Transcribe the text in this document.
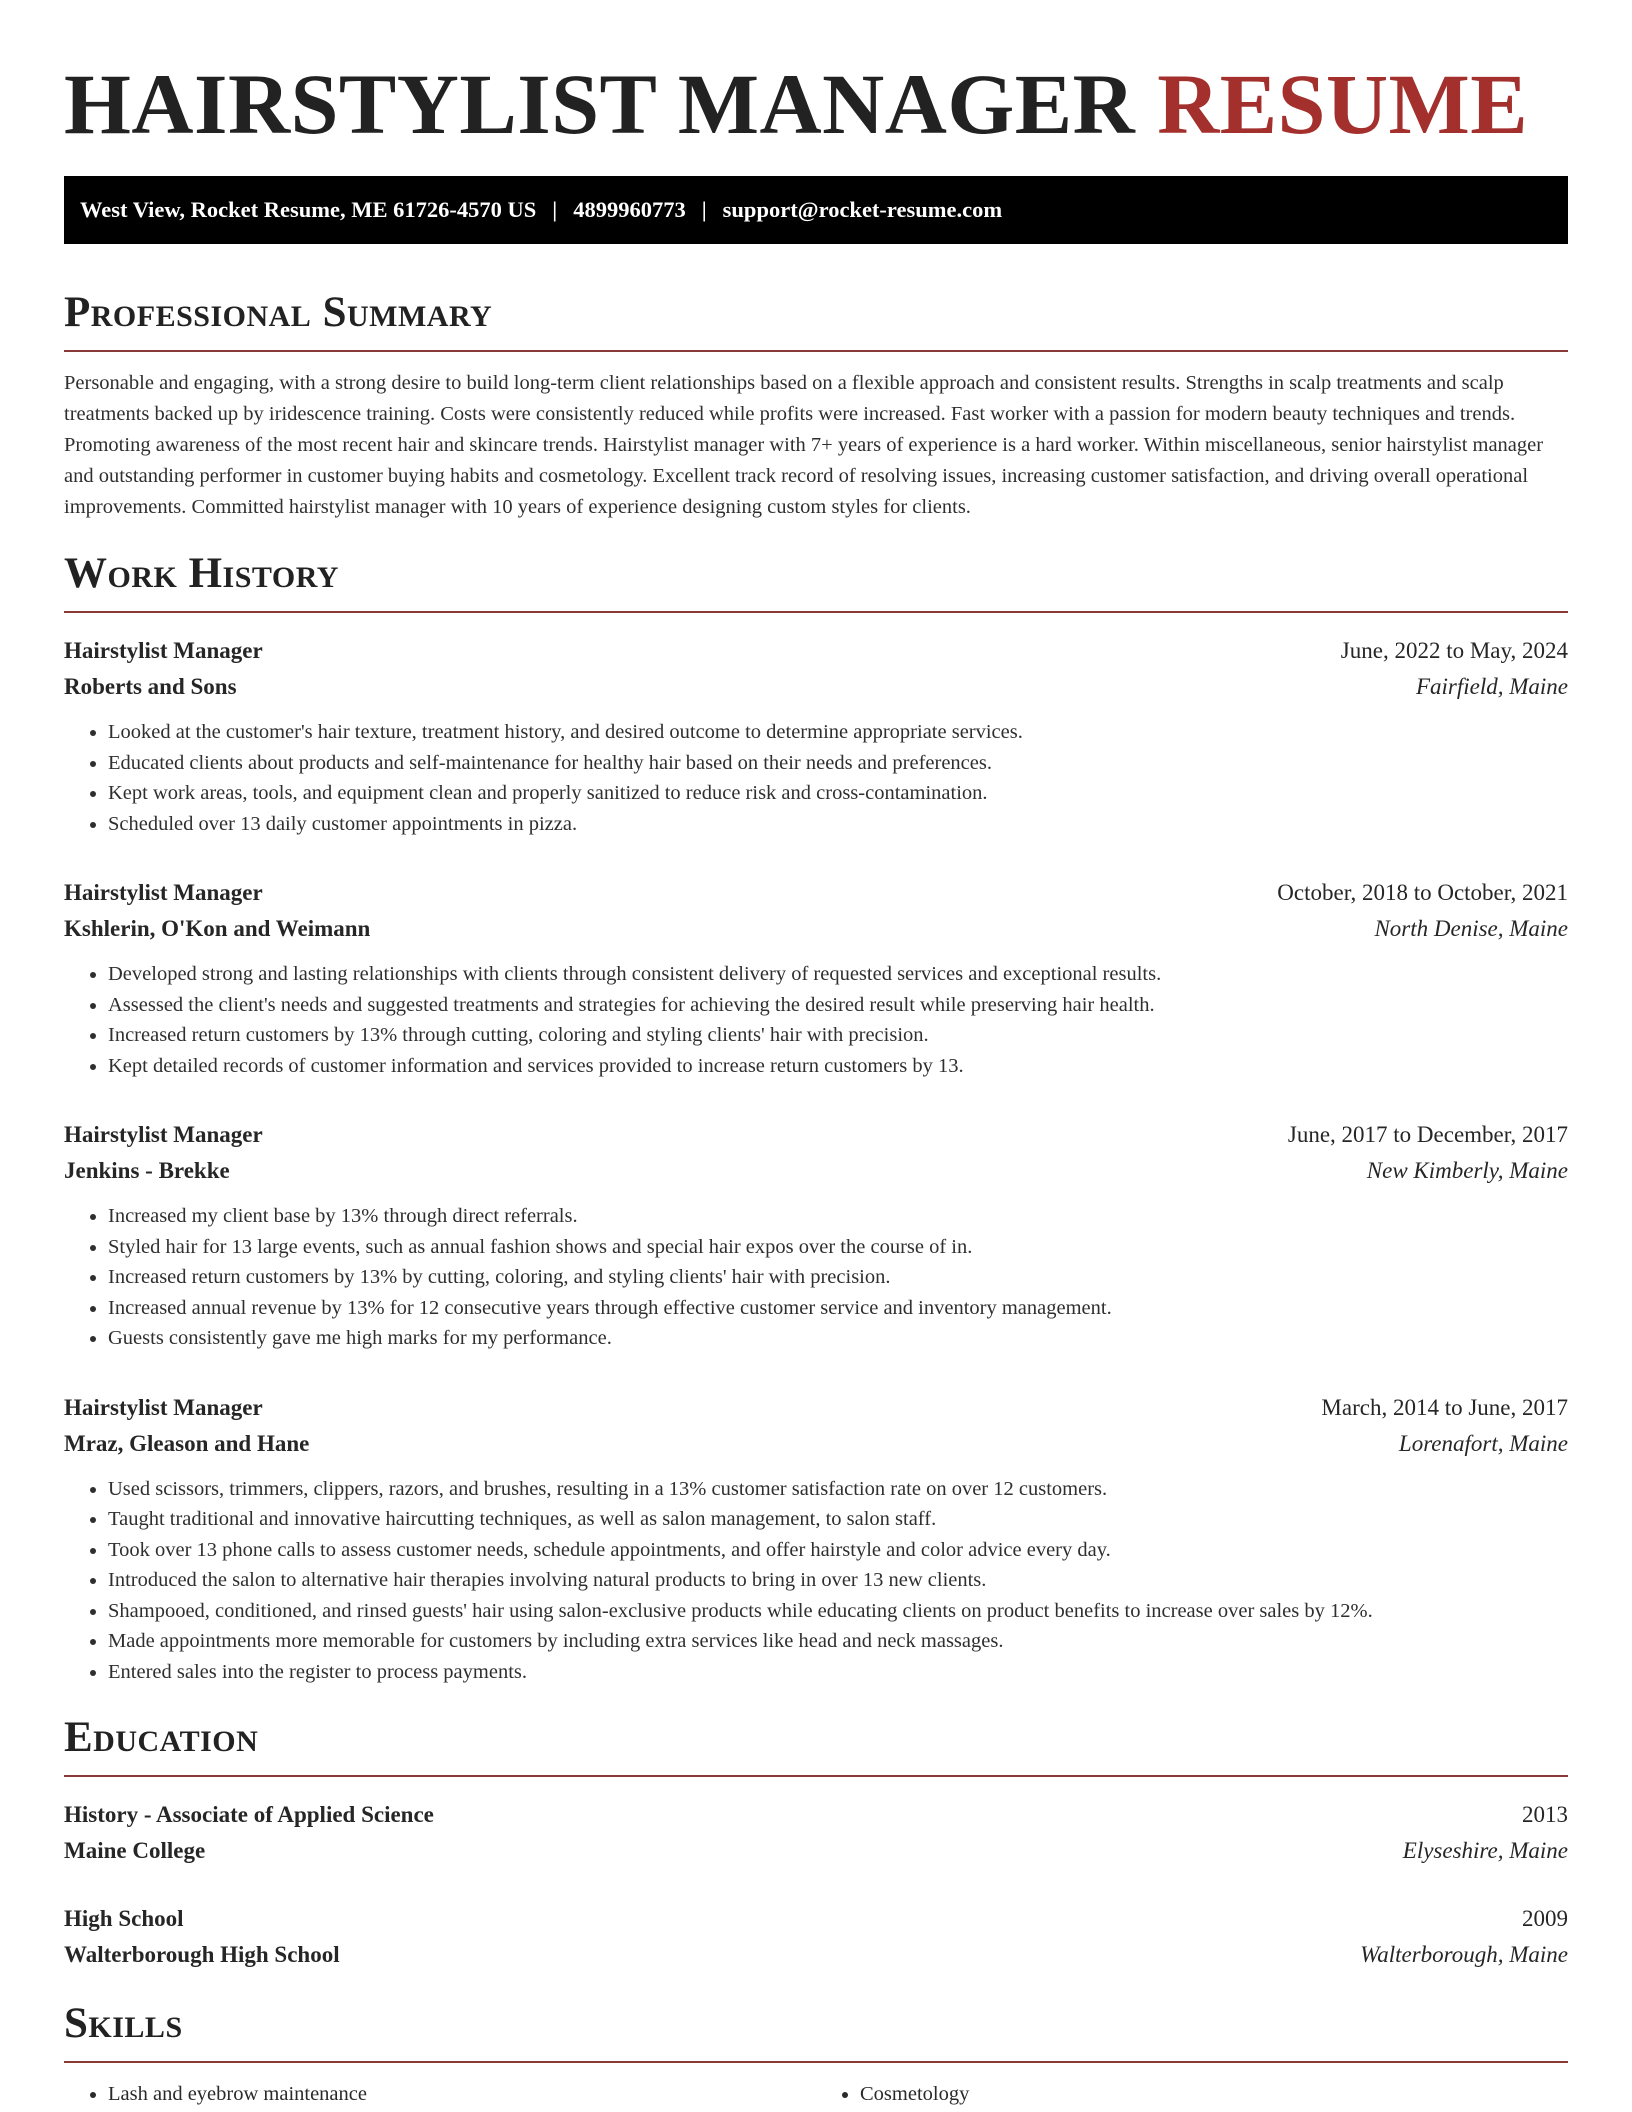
HAIRSTYLIST MANAGER RESUME
West View, Rocket Resume, ME 61726-4570 US | 4899960773 | support@rocket-resume.com
Professional Summary

Personable and engaging, with a strong desire to build long-term client relationships based on a flexible approach and consistent results. Strengths in scalp treatments and scalp treatments backed up by iridescence training. Costs were consistently reduced while profits were increased. Fast worker with a passion for modern beauty techniques and trends. Promoting awareness of the most recent hair and skincare trends. Hairstylist manager with 7+ years of experience is a hard worker. Within miscellaneous, senior hairstylist manager and outstanding performer in customer buying habits and cosmetology. Excellent track record of resolving issues, increasing customer satisfaction, and driving overall operational improvements. Committed hairstylist manager with 10 years of experience designing custom styles for clients.

Work History
Hairstylist Manager	June, 2022 to May, 2024
Roberts and Sons	Fairfield, Maine
• Looked at the customer's hair texture, treatment history, and desired outcome to determine appropriate services.
• Educated clients about products and self-maintenance for healthy hair based on their needs and preferences.
• Kept work areas, tools, and equipment clean and properly sanitized to reduce risk and cross-contamination.
• Scheduled over 13 daily customer appointments in pizza.
Hairstylist Manager	October, 2018 to October, 2021
Kshlerin, O'Kon and Weimann	North Denise, Maine
• Developed strong and lasting relationships with clients through consistent delivery of requested services and exceptional results.
• Assessed the client's needs and suggested treatments and strategies for achieving the desired result while preserving hair health.
• Increased return customers by 13% through cutting, coloring and styling clients' hair with precision.
• Kept detailed records of customer information and services provided to increase return customers by 13.
Hairstylist Manager	June, 2017 to December, 2017
Jenkins - Brekke	New Kimberly, Maine
• Increased my client base by 13% through direct referrals.
• Styled hair for 13 large events, such as annual fashion shows and special hair expos over the course of in.
• Increased return customers by 13% by cutting, coloring, and styling clients' hair with precision.
• Increased annual revenue by 13% for 12 consecutive years through effective customer service and inventory management.
• Guests consistently gave me high marks for my performance.
Hairstylist Manager	March, 2014 to June, 2017
Mraz, Gleason and Hane	Lorenafort, Maine
• Used scissors, trimmers, clippers, razors, and brushes, resulting in a 13% customer satisfaction rate on over 12 customers.
• Taught traditional and innovative haircutting techniques, as well as salon management, to salon staff.
• Took over 13 phone calls to assess customer needs, schedule appointments, and offer hairstyle and color advice every day.
• Introduced the salon to alternative hair therapies involving natural products to bring in over 13 new clients.
• Shampooed, conditioned, and rinsed guests' hair using salon-exclusive products while educating clients on product benefits to increase over sales by 12%.
• Made appointments more memorable for customers by including extra services like head and neck massages.
• Entered sales into the register to process payments.
Education
History - Associate of Applied Science	2013
Maine College	Elyseshire, Maine
High School	2009
Walterborough High School	Walterborough, Maine
Skills
• Lash and eyebrow maintenance
•	Cosmetology
